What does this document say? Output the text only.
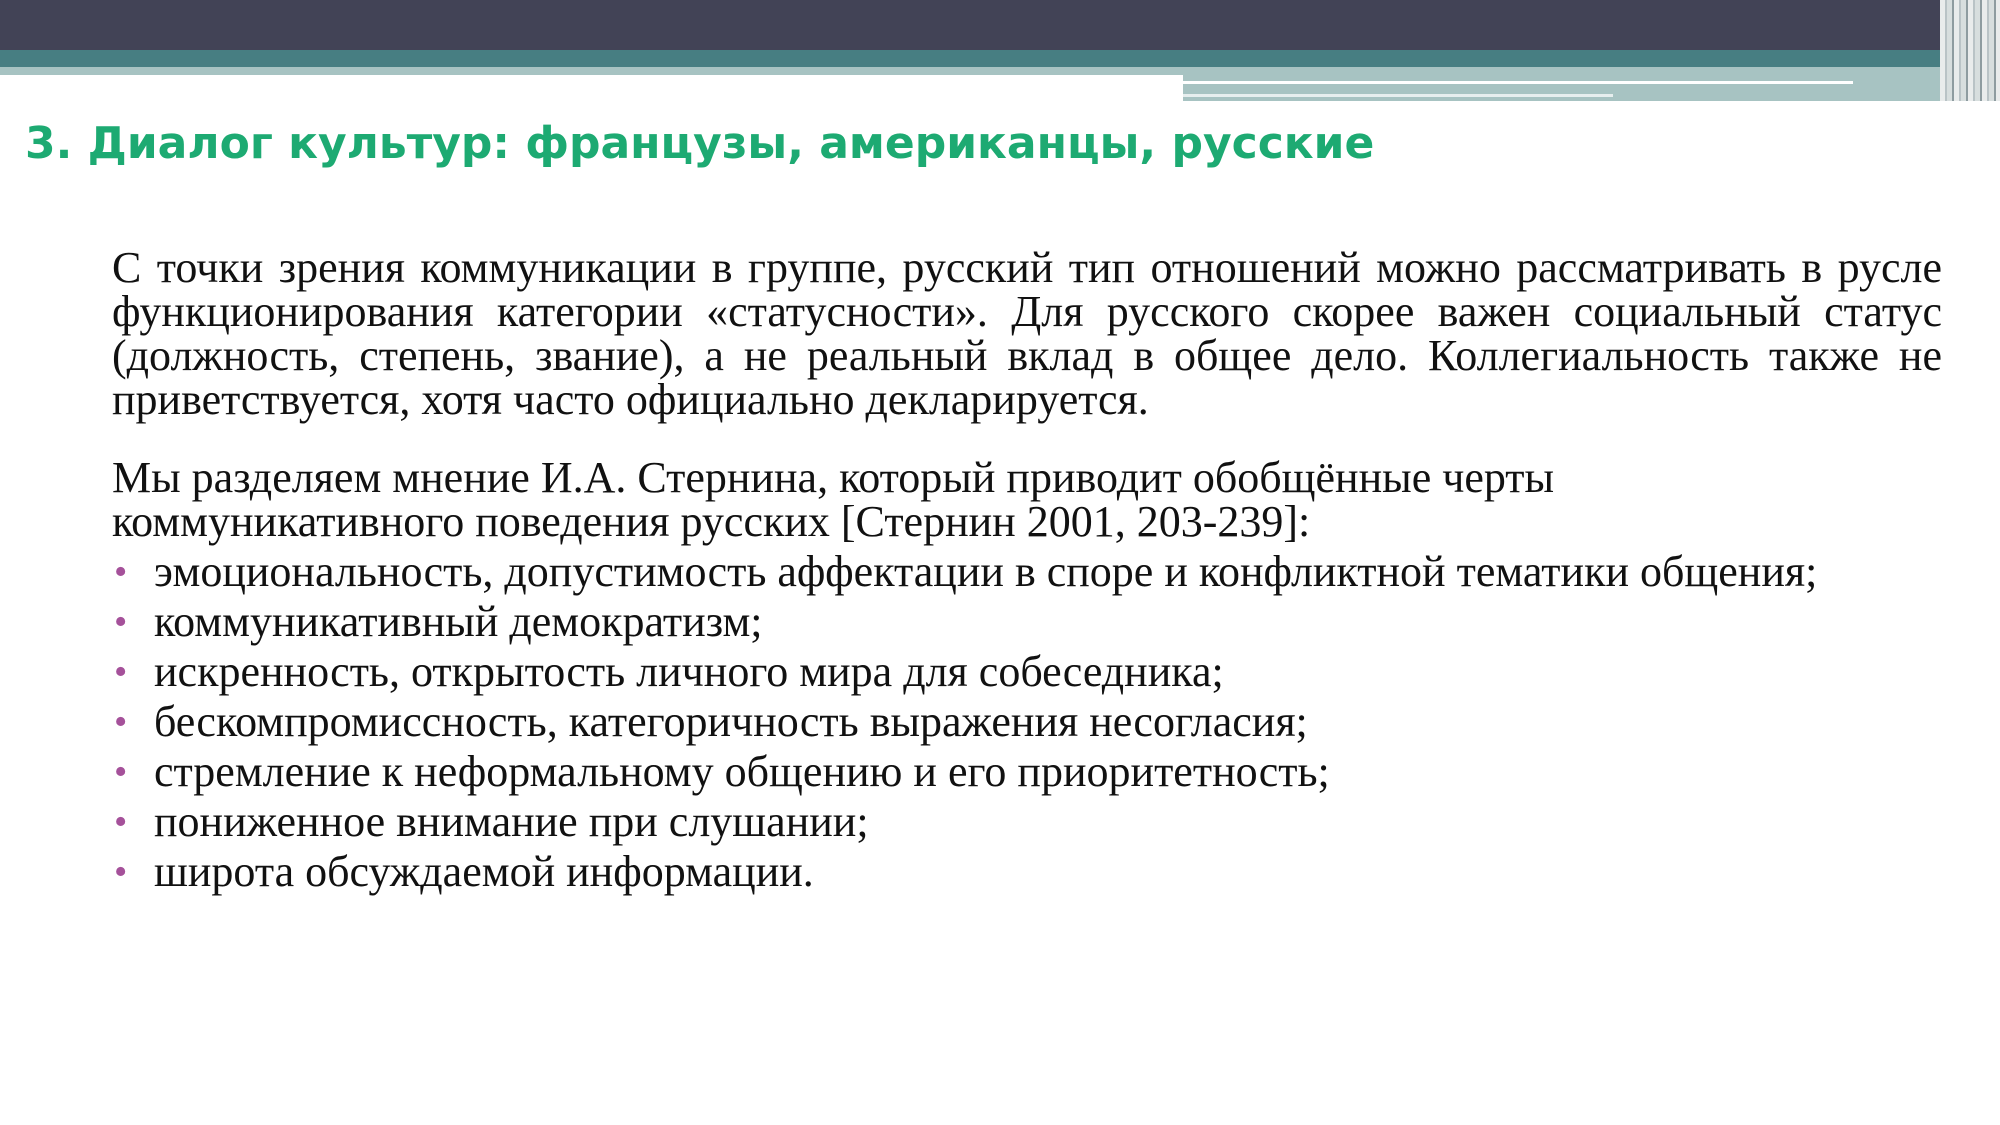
3. Диалог культур: французы, американцы, русские

С точки зрения коммуникации в группе, русский тип отношений можно рассматривать в русле функционирования категории «статусности». Для русского скорее важен социальный статус (должность, степень, звание), а не реальный вклад в общее дело. Коллегиальность также не приветствуется, хотя часто официально декларируется.

Мы разделяем мнение И.А. Стернина, который приводит обобщённые черты коммуникативного поведения русских [Стернин 2001, 203-239]:

• эмоциональность, допустимость аффектации в споре и конфликтной тематики общения;
• коммуникативный демократизм;
• искренность, открытость личного мира для собеседника;
• бескомпромиссность, категоричность выражения несогласия;
• стремление к неформальному общению и его приоритетность;
• пониженное внимание при слушании;
• широта обсуждаемой информации.
